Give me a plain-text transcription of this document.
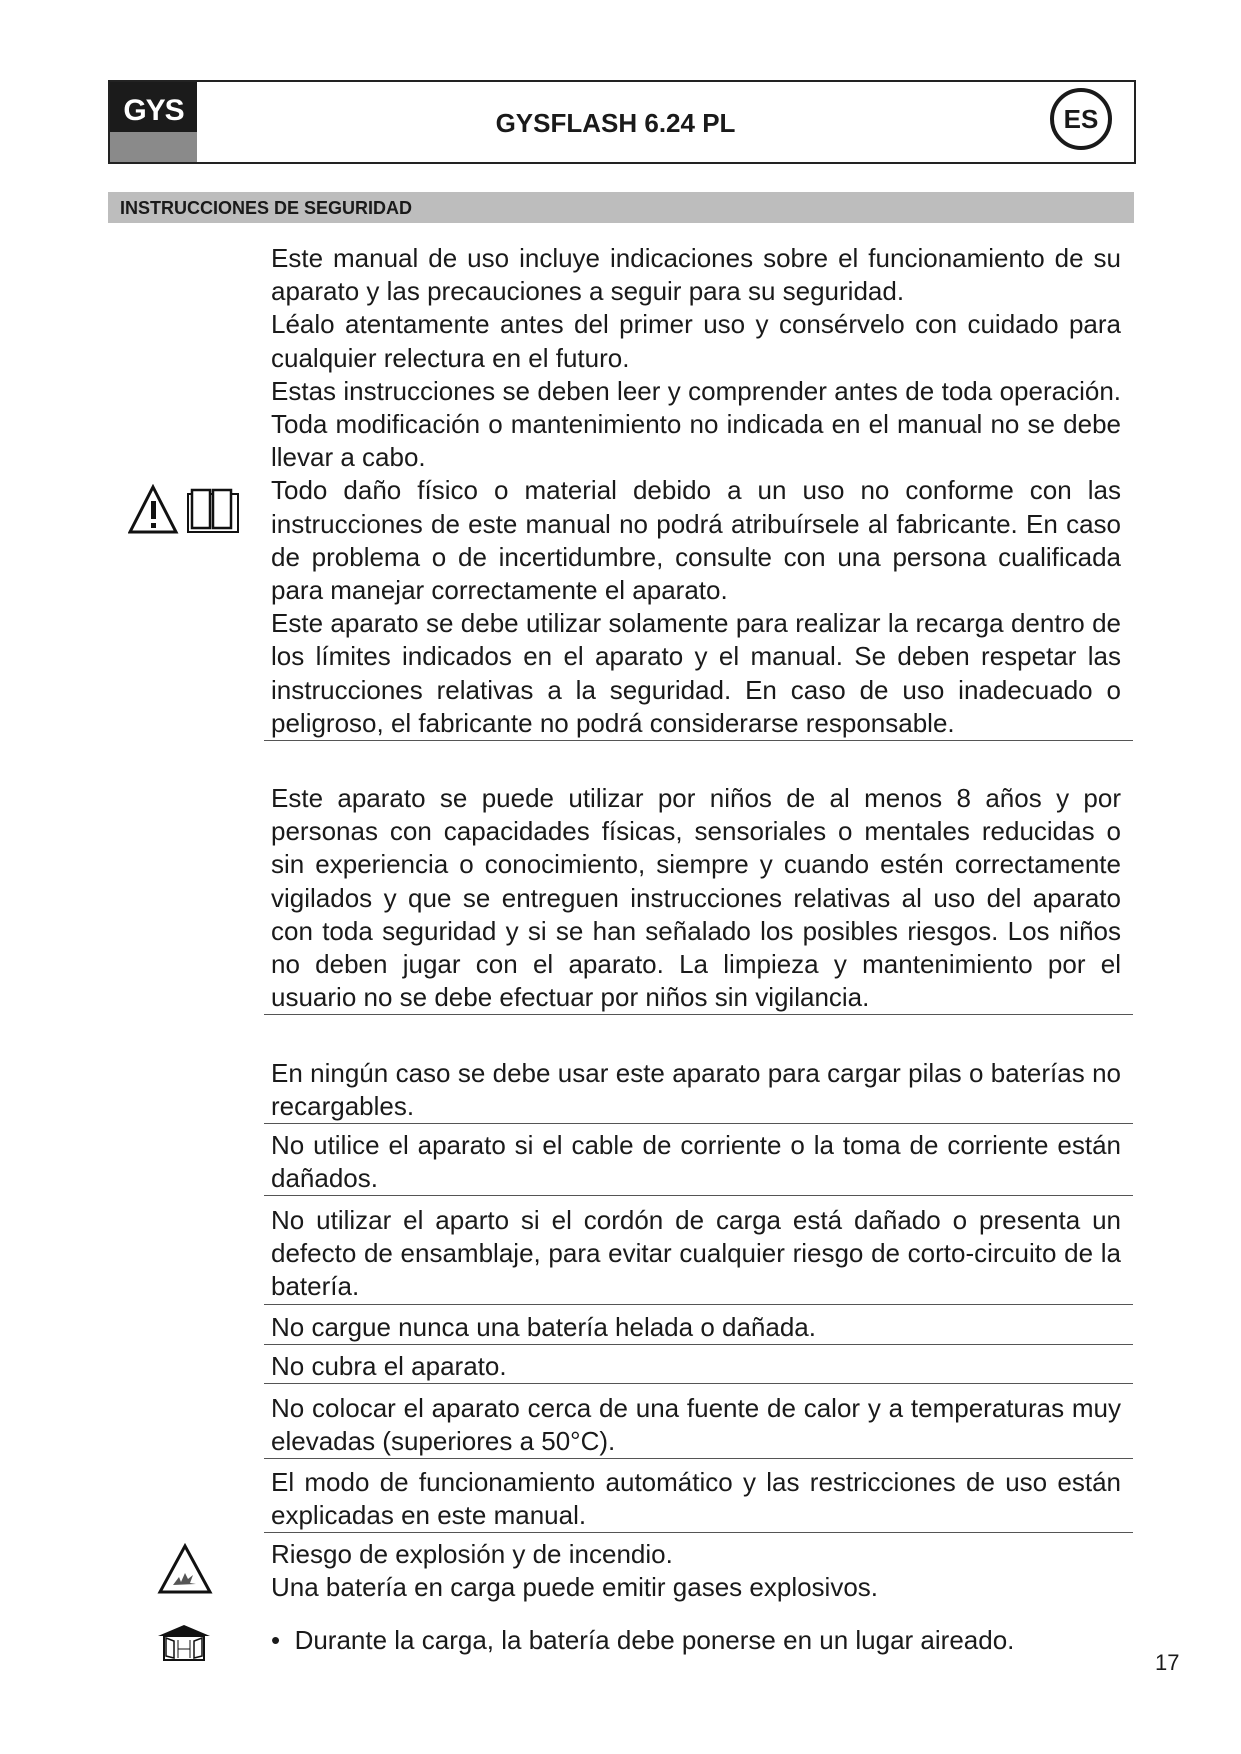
GYS	GYSFLASH 6.24 PL	ES
INSTRUCCIONES DE SEGURIDAD

Este manual de uso incluye indicaciones sobre el funcionamiento de su aparato y las precauciones a seguir para su seguridad.

Léalo atentamente antes del primer uso y consérvelo con cuidado para cualquier relectura en el futuro.

Estas instrucciones se deben leer y comprender antes de toda operación. Toda modificación o mantenimiento no indicada en el manual no se debe llevar a cabo.

Todo daño físico o material debido a un uso no conforme con las instrucciones de este manual no podrá atribuírsele al fabricante. En caso de problema o de incertidumbre, consulte con una persona cualificada para manejar correctamente el aparato.

Este aparato se debe utilizar solamente para realizar la recarga dentro de los límites indicados en el aparato y el manual. Se deben respetar las instrucciones relativas a la seguridad. En caso de uso inadecuado o peligroso, el fabricante no podrá considerarse responsable.

Este aparato se puede utilizar por niños de al menos 8 años y por personas con capacidades físicas, sensoriales o mentales reducidas o sin experiencia o conocimiento, siempre y cuando estén correctamente vigilados y que se entreguen instrucciones relativas al uso del aparato con toda seguridad y si se han señalado los posibles riesgos. Los niños no deben jugar con el aparato. La limpieza y mantenimiento por el usuario no se debe efectuar por niños sin vigilancia.

En ningún caso se debe usar este aparato para cargar pilas o baterías no recargables.

No utilice el aparato si el cable de corriente o la toma de corriente están dañados.

No utilizar el aparto si el cordón de carga está dañado o presenta un defecto de ensamblaje, para evitar cualquier riesgo de corto-circuito de la batería.

No cargue nunca una batería helada o dañada.

No cubra el aparato.

No colocar el aparato cerca de una fuente de calor y a temperaturas muy elevadas (superiores a 50°C).

El modo de funcionamiento automático y las restricciones de uso están explicadas en este manual.

Riesgo de explosión y de incendio.

Una batería en carga puede emitir gases explosivos.

• Durante la carga, la batería debe ponerse en un lugar aireado.

17
